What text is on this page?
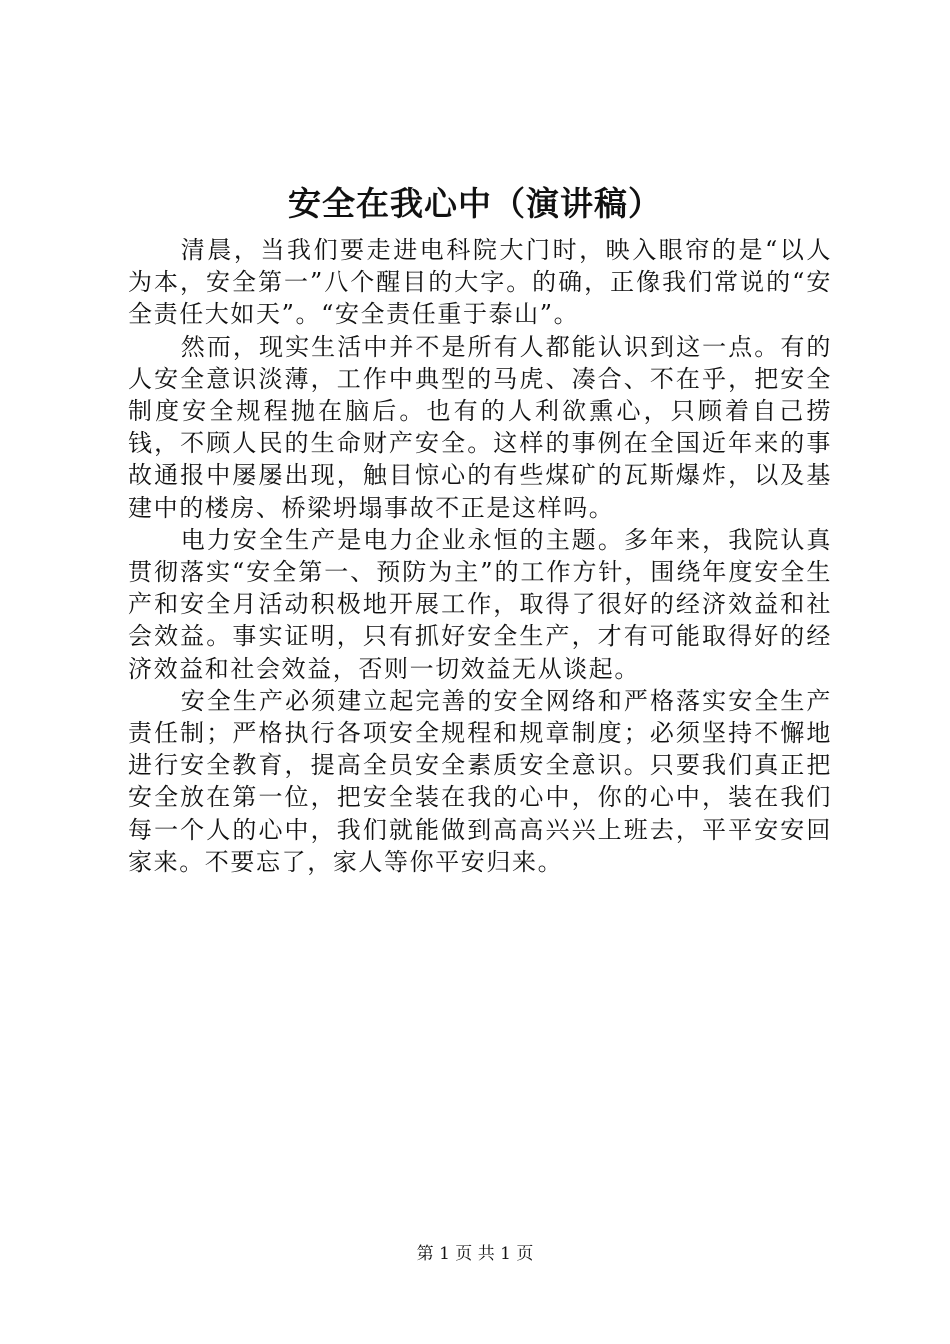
安全在我心中（演讲稿）

清晨，当我们要走进电科院大门时，映入眼帘的是“以人为本，安全第一”八个醒目的大字。的确，正像我们常说的“安全责任大如天”。“安全责任重于泰山”。

然而，现实生活中并不是所有人都能认识到这一点。有的人安全意识淡薄，工作中典型的马虎、凑合、不在乎，把安全制度安全规程抛在脑后。也有的人利欲熏心，只顾着自己捞钱，不顾人民的生命财产安全。这样的事例在全国近年来的事故通报中屡屡出现，触目惊心的有些煤矿的瓦斯爆炸，以及基建中的楼房、桥梁坍塌事故不正是这样吗。

电力安全生产是电力企业永恒的主题。多年来，我院认真贯彻落实“安全第一、预防为主”的工作方针，围绕年度安全生产和安全月活动积极地开展工作，取得了很好的经济效益和社会效益。事实证明，只有抓好安全生产，才有可能取得好的经济效益和社会效益，否则一切效益无从谈起。

安全生产必须建立起完善的安全网络和严格落实安全生产责任制；严格执行各项安全规程和规章制度；必须坚持不懈地进行安全教育，提高全员安全素质安全意识。只要我们真正把安全放在第一位，把安全装在我的心中，你的心中，装在我们每一个人的心中，我们就能做到高高兴兴上班去，平平安安回家来。不要忘了，家人等你平安归来。

第 1 页 共 1 页
